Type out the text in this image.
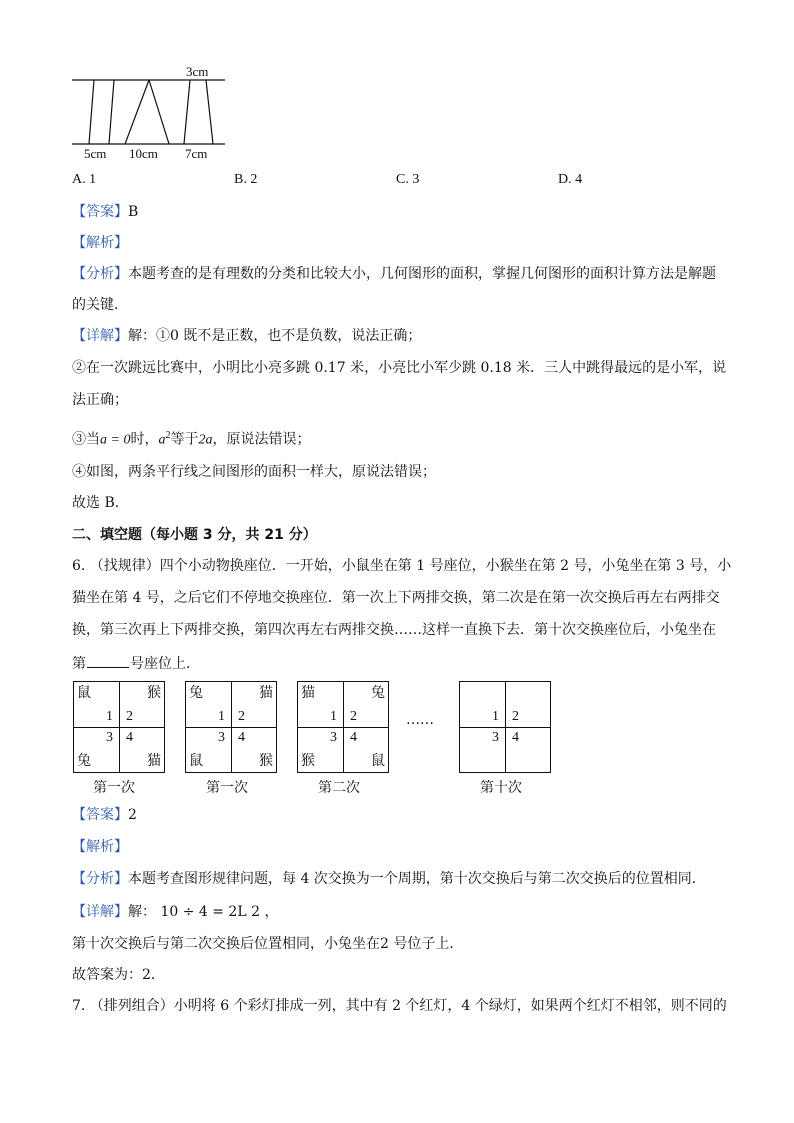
3cm
5cm 10cm 7cm
A. 1	B. 2	C. 3	D. 4
【答案】B
【解析】
【分析】本题考查的是有理数的分类和比较大小，几何图形的面积，掌握几何图形的面积计算方法是解题
的关键．
【详解】解：①0 既不是正数，也不是负数，说法正确；
②在一次跳远比赛中，小明比小亮多跳 0.17 米，小亮比小军少跳 0.18 米．三人中跳得最远的是小军，说
法正确；
③当a = 0时，$a^2$等于2a，原说法错误；
④如图，两条平行线之间图形的面积一样大，原说法错误；
故选 B．
二、填空题（每小题 3 分，共 21 分）
6. （找规律）四个小动物换座位．一开始，小鼠坐在第 1 号座位，小猴坐在第 2 号，小兔坐在第 3 号，小
猫坐在第 4 号，之后它们不停地交换座位．第一次上下两排交换，第二次是在第一次交换后再左右两排交
换，第三次再上下两排交换，第四次再左右两排交换……这样一直换下去．第十次交换座位后，小兔坐在
第	号座位上．
鼠	猴
1 2
3 4
兔	猫
第一次
兔	猫
1 2
3 4
鼠	猴
第一次
猫	兔
1 2
3 4
猴	鼠
第二次
……	1 2
3 4
第十次
【答案】2
【解析】
【分析】本题考查图形规律问题，每 4 次交换为一个周期，第十次交换后与第二次交换后的位置相同．
【详解】解： 10 ÷ 4 = 2L 2 ，
第十次交换后与第二次交换后位置相同，小兔坐在2 号位子上．
故答案为：2．
7. （排列组合）小明将 6 个彩灯排成一列，其中有 2 个红灯，4 个绿灯，如果两个红灯不相邻，则不同的
